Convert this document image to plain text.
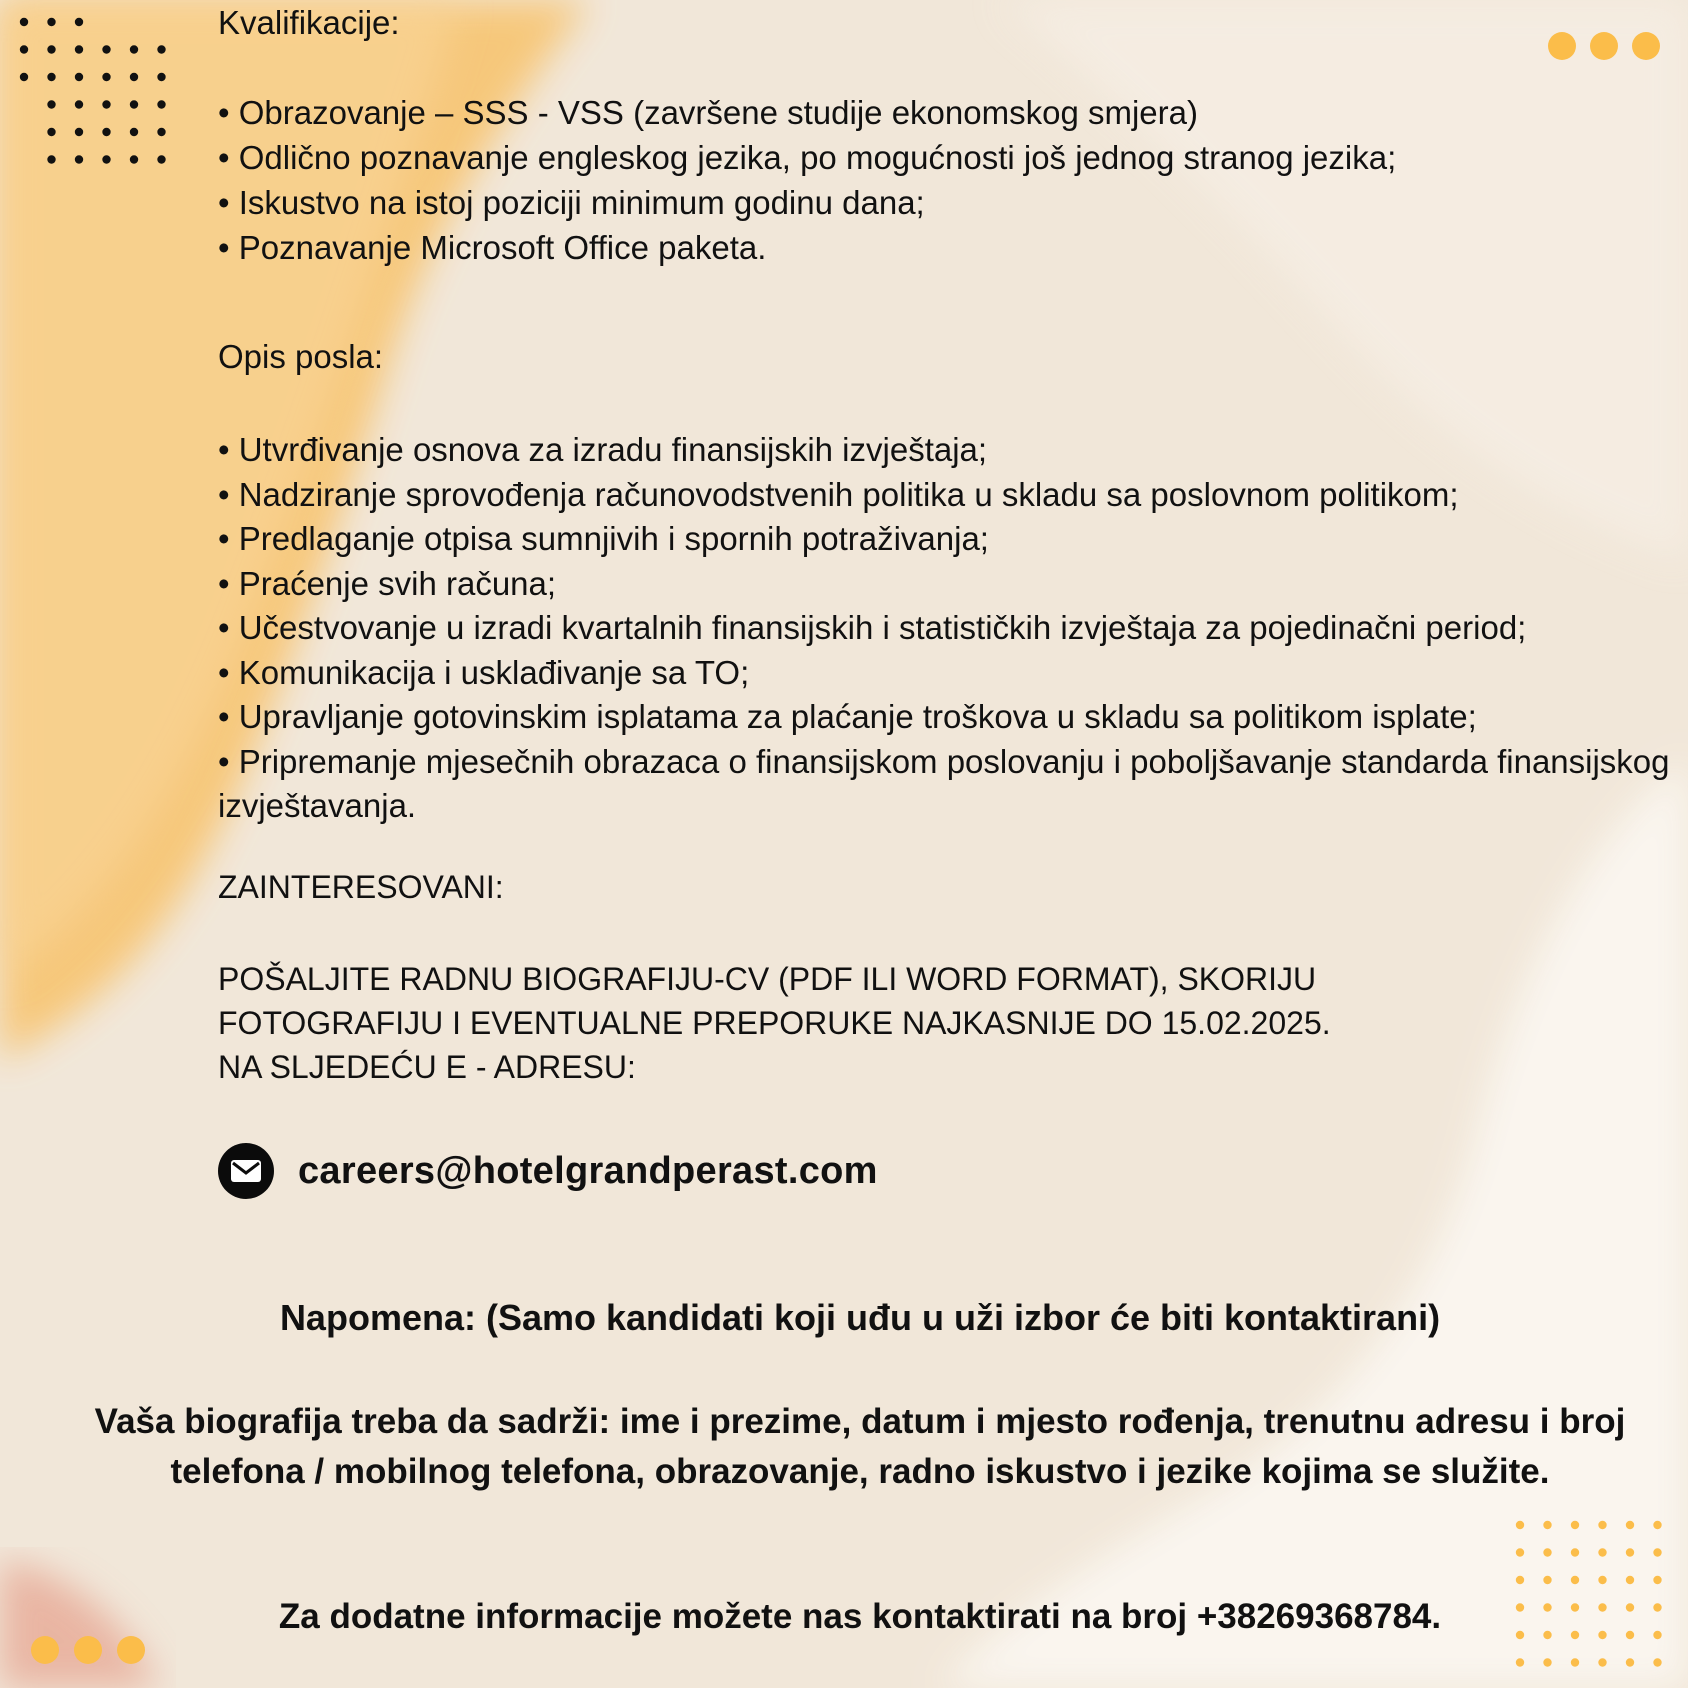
Kvalifikacije:

• Obrazovanje – SSS - VSS (završene studije ekonomskog smjera)
• Odlično poznavanje engleskog jezika, po mogućnosti još jednog stranog jezika;
• Iskustvo na istoj poziciji minimum godinu dana;
• Poznavanje Microsoft Office paketa.

Opis posla:

• Utvrđivanje osnova za izradu finansijskih izvještaja;
• Nadziranje sprovođenja računovodstvenih politika u skladu sa poslovnom politikom;
• Predlaganje otpisa sumnjivih i spornih potraživanja;
• Praćenje svih računa;
• Učestvovanje u izradi kvartalnih finansijskih i statističkih izvještaja za pojedinačni period;
• Komunikacija i usklađivanje sa TO;
• Upravljanje gotovinskim isplatama za plaćanje troškova u skladu sa politikom isplate;
• Pripremanje mjesečnih obrazaca o finansijskom poslovanju i poboljšavanje standarda finansijskog izvještavanja.

ZAINTERESOVANI:

POŠALJITE RADNU BIOGRAFIJU-CV (PDF ILI WORD FORMAT), SKORIJU FOTOGRAFIJU I EVENTUALNE PREPORUKE NAJKASNIJE DO 15.02.2025. NA SLJEDEĆU E - ADRESU:
careers@hotelgrandperast.com
Napomena: (Samo kandidati koji uđu u uži izbor će biti kontaktirani)
Vaša biografija treba da sadrži: ime i prezime, datum i mjesto rođenja, trenutnu adresu i broj telefona / mobilnog telefona, obrazovanje, radno iskustvo i jezike kojima se služite.
Za dodatne informacije možete nas kontaktirati na broj +38269368784.
